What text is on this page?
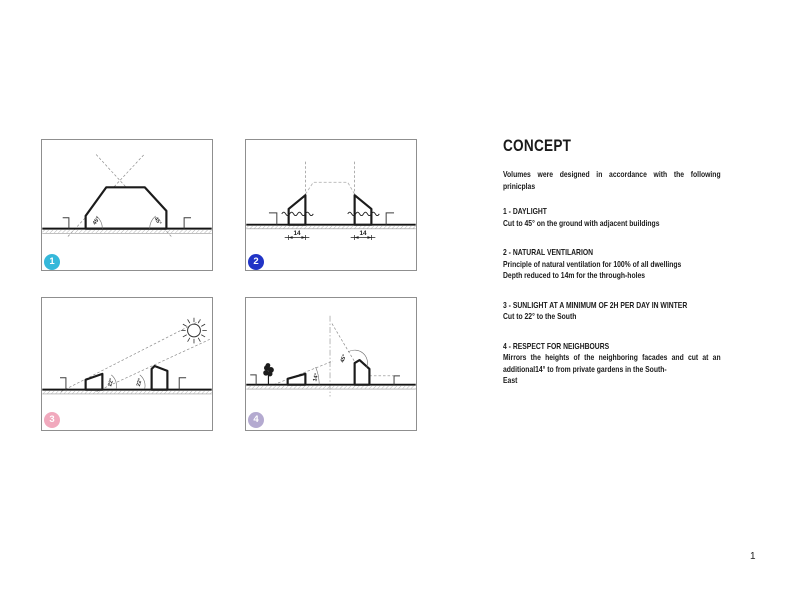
45°	45°
1
14	14
2
22°	22°
3
14°
45°
4
CONCEPT
Volumes were designed in accordance with the following
prinicplas
1 - DAYLIGHT
Cut to 45° on the ground with adjacent buildings
2 - NATURAL VENTILARION
Principle of natural ventilation for 100% of all dwellings
Depth reduced to 14m for the through-holes
3 - SUNLIGHT AT A MINIMUM OF 2H PER DAY IN WINTER
Cut to 22° to the South
4 - RESPECT FOR NEIGHBOURS
Mirrors the heights of the neighboring facades and cut at an
additional14° to from private gardens in the South-
East
1
